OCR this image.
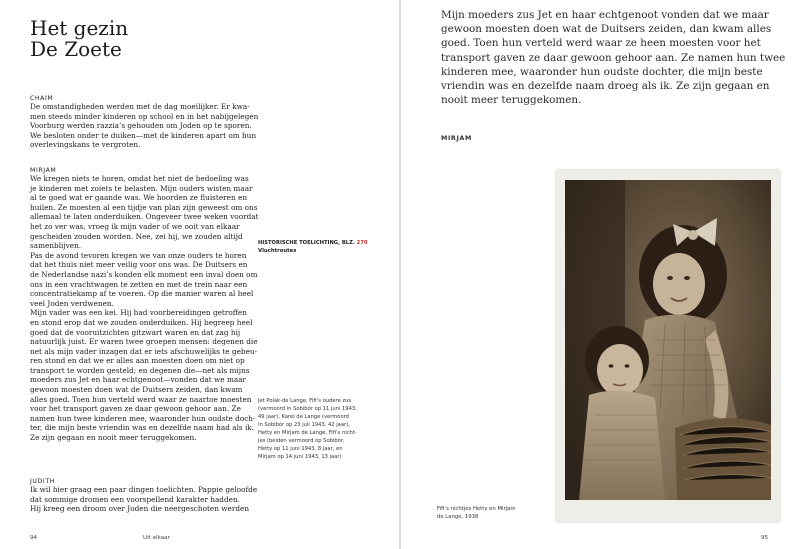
Het gezin
De Zoete
CHAIM
De omstandigheden werden met de dag moeilijker. Er kwa-
men steeds minder kinderen op school en in het nabijgelegen
Voorburg werden razzia’s gehouden om Joden op te sporen.
We besloten onder te duiken—met de kinderen apart om hun
overlevingskans te vergroten.
MIRJAM
We kregen niets te horen, omdat het niet de bedoeling was
je kinderen met zoiets te belasten. Mijn ouders wisten maar
al te goed wat er gaande was. We hoorden ze fluisteren en
huilen. Ze moesten al een tijdje van plan zijn geweest om ons
allemaal te laten onderduiken. Ongeveer twee weken voordat
het zo ver was, vroeg ik mijn vader of we ooit van elkaar
gescheiden zouden worden. Nee, zei hij, we zouden altijd
samenblijven.
Pas de avond tevoren kregen we van onze ouders te horen
dat het thuis niet meer veilig voor ons was. De Duitsers en
de Nederlandse nazi’s konden elk moment een inval doen om
ons in een vrachtwagen te zetten en met de trein naar een
concentratiekamp af te voeren. Op die manier waren al heel
veel Joden verdwenen.
Mijn vader was een kei. Hij had voorbereidingen getroffen
en stond erop dat we zouden onderduiken. Hij begreep heel
goed dat de vooruitzichten gitzwart waren en dat zag hij
natuurlijk juist. Er waren twee groepen mensen: degenen die
net als mijn vader inzagen dat er iets afschuwelijks te gebeu-
ren stond en dat we er alles aan moesten doen om niet op
transport te worden gesteld; en degenen die—net als mijns
moeders zus Jet en haar echtgenoot—vonden dat we maar
gewoon moesten doen wat de Duitsers zeiden, dan kwam
alles goed. Toen hun verteld werd waar ze naartoe moesten
voor het transport gaven ze daar gewoon gehoor aan. Ze
namen hun twee kinderen mee, waaronder hun oudste doch-
ter, die mijn beste vriendin was en dezelfde naam had als ik.
Ze zijn gegaan en nooit meer teruggekomen.
JUDITH
Ik wil hier graag een paar dingen toelichten. Pappie geloofde
dat sommige dromen een voorspellend karakter hadden.
Hij kreeg een droom over Joden die neergeschoten werden
HISTORISCHE TOELICHTING, BLZ. 270
Vluchtroutes
Jet Polak-de Lange, Fifi’s oudere zus
(vermoord in Sobibór op 11 juni 1943,
49 jaar), Karel de Lange (vermoord
in Sobibór op 23 juli 1943, 42 jaar),
Hetty en Mirjam de Lange, Fifi’s nicht-
jes (beiden vermoord op Sobibór,
Hetty op 11 juni 1943, 8 jaar, en
Mirjam op 14 juni 1943, 13 jaar)
94	Uit elkaar	95
Mijn moeders zus Jet en haar echtgenoot vonden dat we maar
gewoon moesten doen wat de Duitsers zeiden, dan kwam alles
goed. Toen hun verteld werd waar ze heen moesten voor het
transport gaven ze daar gewoon gehoor aan. Ze namen hun twee
kinderen mee, waaronder hun oudste dochter, die mijn beste
vriendin was en dezelfde naam droeg als ik. Ze zijn gegaan en
nooit meer teruggekomen.
MIRJAM
Fifi’s nichtjes Hetty en Mirjam
de Lange, 1938
